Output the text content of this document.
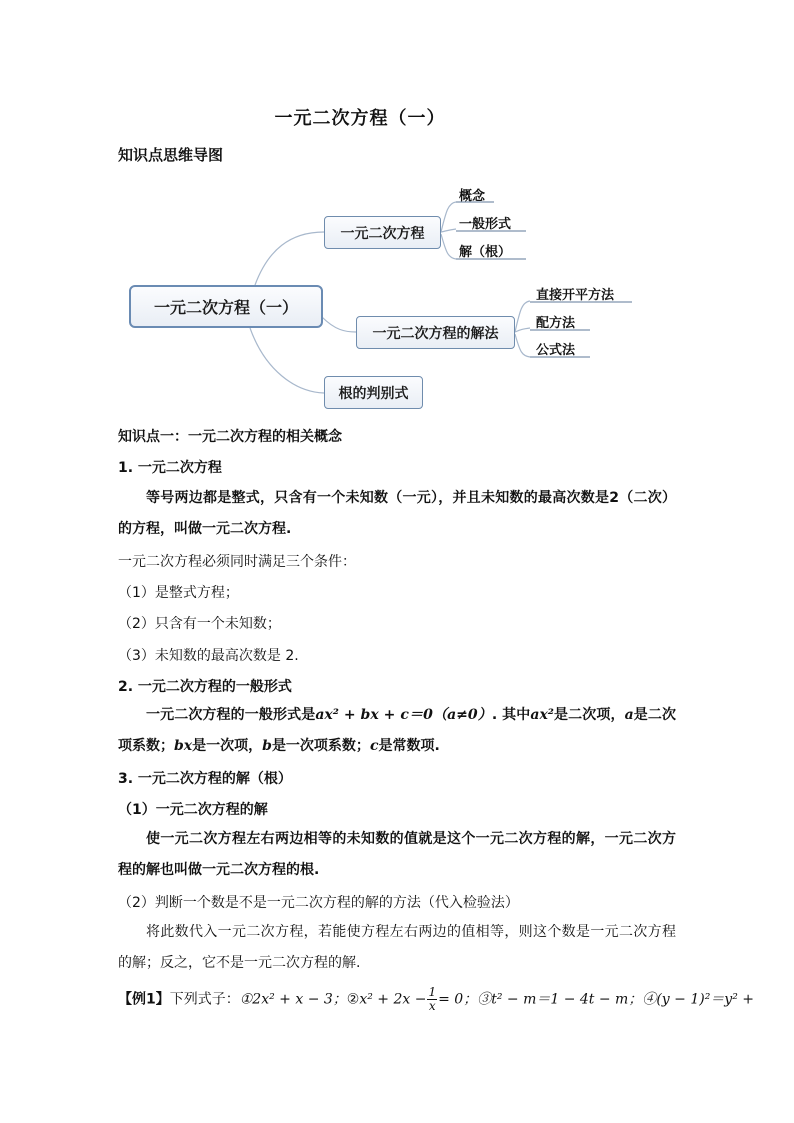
一元二次方程（一）
知识点思维导图
一元二次方程（一）
一元二次方程
一元二次方程的解法
根的判别式
概念
一般形式
解（根）
直接开平方法
配方法
公式法
知识点一：一元二次方程的相关概念
1. 一元二次方程
等号两边都是整式，只含有一个未知数（一元），并且未知数的最高次数是2（二次）的方程，叫做一元二次方程.
一元二次方程必须同时满足三个条件：
（1）是整式方程；
（2）只含有一个未知数；
（3）未知数的最高次数是 2.
2. 一元二次方程的一般形式
一元二次方程的一般形式是ax² + bx + c＝0（a≠0）. 其中ax²是二次项，a是二次项系数；bx是一次项，b是一次项系数；c是常数项.
3. 一元二次方程的解（根）
（1）一元二次方程的解
使一元二次方程左右两边相等的未知数的值就是这个一元二次方程的解，一元二次方程的解也叫做一元二次方程的根.
（2）判断一个数是不是一元二次方程的解的方法（代入检验法）
将此数代入一元二次方程，若能使方程左右两边的值相等，则这个数是一元二次方程的解；反之，它不是一元二次方程的解.
【例1】下列式子：①2x² + x − 3；②x² + $2x - \frac{1}{x} = 0$；③t² − m＝1 − 4t − m；④(y − 1)²＝y² +
